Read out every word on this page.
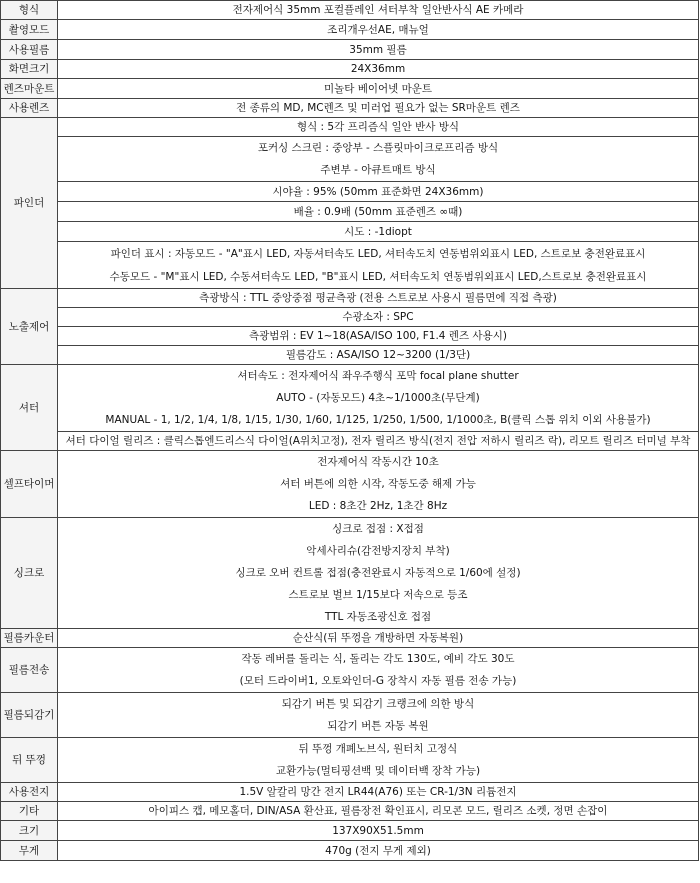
형식	전자제어식 35mm 포컬플레인 셔터부착 일안반사식 AE 카메라
촬영모드	조리개우선AE, 매뉴얼
사용필름	35mm 필름
화면크기	24X36mm
렌즈마운트	미놀타 베이어넷 마운트
사용렌즈	전 종류의 MD, MC렌즈 및 미러업 필요가 없는 SR마운트 렌즈
파인더	형식 : 5각 프리즘식 일안 반사 방식

포커싱 스크린 : 중앙부 - 스플릿마이크로프리즘 방식
주변부 - 아큐트매트 방식

	시야율 : 95% (50mm 표준화면 24X36mm)
	배율 : 0.9배 (50mm 표준렌즈 ∞때)
	시도 : -1diopt

파인더 표시 : 자동모드 - "A"표시 LED, 자동셔터속도 LED, 셔터속도치 연동범위외표시 LED, 스트로보 충전완료표시
수동모드 - "M"표시 LED, 수동셔터속도 LED, "B"표시 LED, 셔터속도치 연동범위외표시 LED,스트로보 충전완료표시

노출제어	측광방식 : TTL 중앙중점 평균측광 (전용 스트로보 사용시 필름면에 직접 측광)
	수광소자 : SPC
	측광범위 : EV 1~18(ASA/ISO 100, F1.4 렌즈 사용시)
	필름감도 : ASA/ISO 12~3200 (1/3단)
셔터	셔터속도 : 전자제어식 좌우주행식 포막 focal plane shutter
AUTO - (자동모드) 4초~1/1000초(무단계)
MANUAL - 1, 1/2, 1/4, 1/8, 1/15, 1/30, 1/60, 1/125, 1/250, 1/500, 1/1000초, B(클릭 스톱 위치 이외 사용불가)

	셔터 다이얼 릴리즈 : 클릭스톱엔드리스식 다이얼(A위치고정), 전자 릴리즈 방식(전지 전압 저하시 릴리즈 락), 리모트 릴리즈 터미널 부착
셀프타이머	전자제어식 작동시간 10초
셔터 버튼에 의한 시작, 작동도중 해제 가능
LED : 8초간 2Hz, 1초간 8Hz

싱크로	싱크로 접점 : X접점
악세사리슈(감전방지장치 부착)
싱크로 오버 컨트롤 접점(충전완료시 자동적으로 1/60에 설정)
스트로보 벌브 1/15보다 저속으로 등조
TTL 자동조광신호 접점

필름카운터	순산식(뒤 뚜껑을 개방하면 자동복원)
필름전송	작동 레버를 돌리는 식, 돌리는 각도 130도, 예비 각도 30도
(모터 드라이버1, 오토와인더-G 장착시 자동 필름 전송 가능)

필름되감기	되감기 버튼 및 되감기 크랭크에 의한 방식
되감기 버튼 자동 복원

뒤 뚜껑	뒤 뚜껑 개폐노브식, 원터치 고정식
교환가능(멀티핑션백 및 데이터백 장착 가능)

사용전지	1.5V 알칼리 망간 전지 LR44(A76) 또는 CR-1/3N 리튬전지
기타	아이피스 캡, 메모홀더, DIN/ASA 환산표, 필름장전 확인표시, 리모콘 모드, 릴리즈 소켓, 정면 손잡이
크기	137X90X51.5mm
무게	470g (전지 무게 제외)
